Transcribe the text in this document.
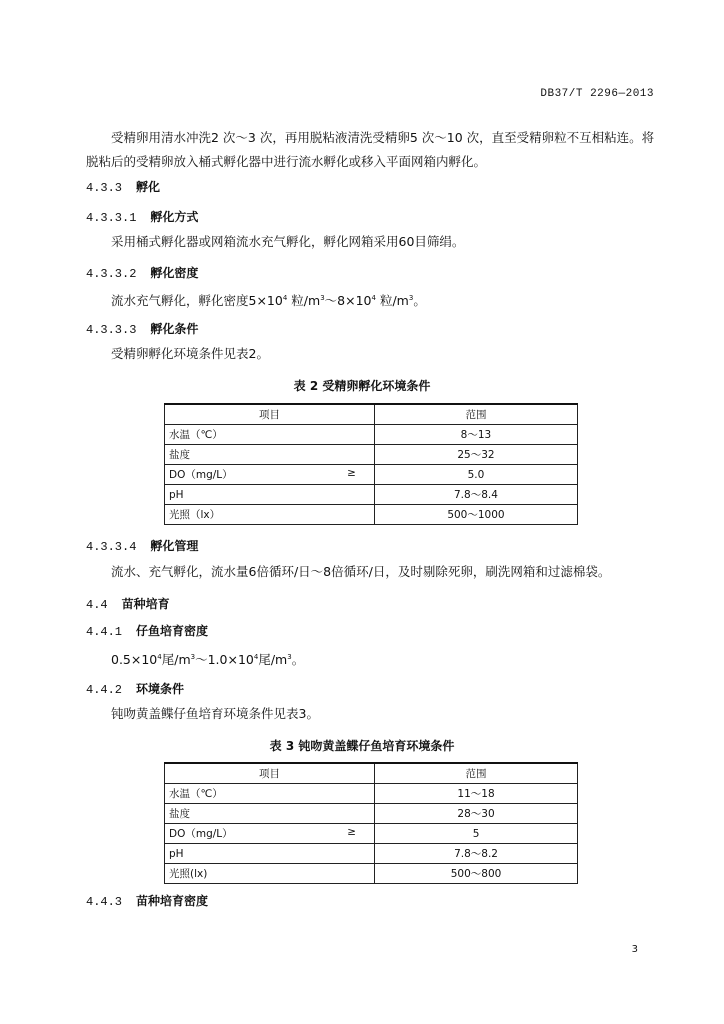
DB37/T 2296—2013
受精卵用清水冲洗2 次～3 次，再用脱粘液清洗受精卵5 次～10 次，直至受精卵粒不互相粘连。将脱粘后的受精卵放入桶式孵化器中进行流水孵化或移入平面网箱内孵化。
4.3.3 孵化
4.3.3.1 孵化方式
采用桶式孵化器或网箱流水充气孵化，孵化网箱采用60目筛绢。
4.3.3.2 孵化密度
流水充气孵化，孵化密度$5\times 10^4$ 粒$/m^3\sim 8\times 10^4$ 粒$/m^3$。
4.3.3.3 孵化条件
受精卵孵化环境条件见表2。
表 2 受精卵孵化环境条件
项目	范围
水温（℃）	8～13
盐度	25～32
DO（mg/L） ≥	5.0
pH	7.8～8.4
光照（lx）	500～1000
4.3.3.4 孵化管理
流水、充气孵化，流水量6倍循环/日～8倍循环/日，及时剔除死卵，刷洗网箱和过滤棉袋。
4.4 苗种培育
4.4.1 仔鱼培育密度
$0.5\times 10^4$尾$/m^3\sim 1.0\times 10^4$尾$/m^3$。
4.4.2 环境条件
钝吻黄盖鲽仔鱼培育环境条件见表3。
表 3 钝吻黄盖鲽仔鱼培育环境条件
项目	范围
水温（℃）	11～18
盐度	28～30
DO（mg/L） ≥	5
pH	7.8～8.2
光照(lx)	500～800
4.4.3 苗种培育密度
3
